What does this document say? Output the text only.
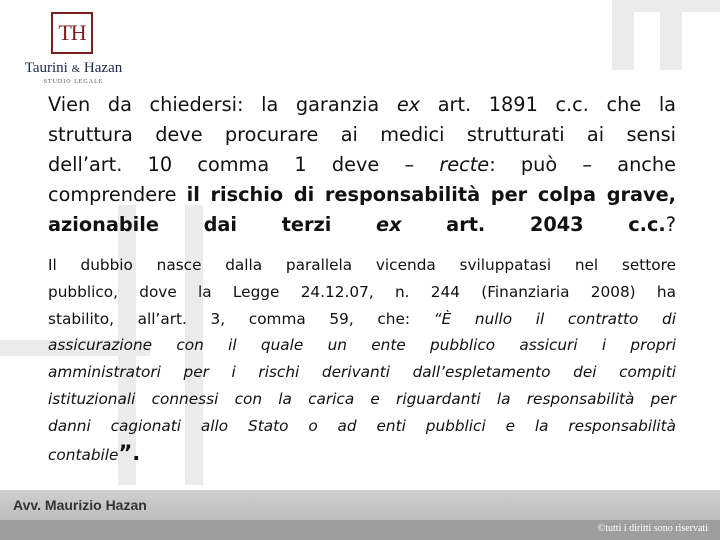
TH
Taurini & Hazan
STUDIO LEGALE
Vien da chiedersi: la garanzia ex art. 1891 c.c. che la
struttura deve procurare ai medici strutturati ai sensi
dell’art. 10 comma 1 deve – recte: può – anche
comprendere il rischio di responsabilità per colpa grave,
azionabile dai terzi ex art. 2043 c.c.?
Il dubbio nasce dalla parallela vicenda sviluppatasi nel settore
pubblico, dove la Legge 24.12.07, n. 244 (Finanziaria 2008) ha
stabilito, all’art. 3, comma 59, che: “È nullo il contratto di
assicurazione con il quale un ente pubblico assicuri i propri
amministratori per i rischi derivanti dall’espletamento dei compiti
istituzionali connessi con la carica e riguardanti la responsabilità per
danni cagionati allo Stato o ad enti pubblici e la responsabilità
contabile”.
Avv. Maurizio Hazan
©tutti i diritti sono riservati
